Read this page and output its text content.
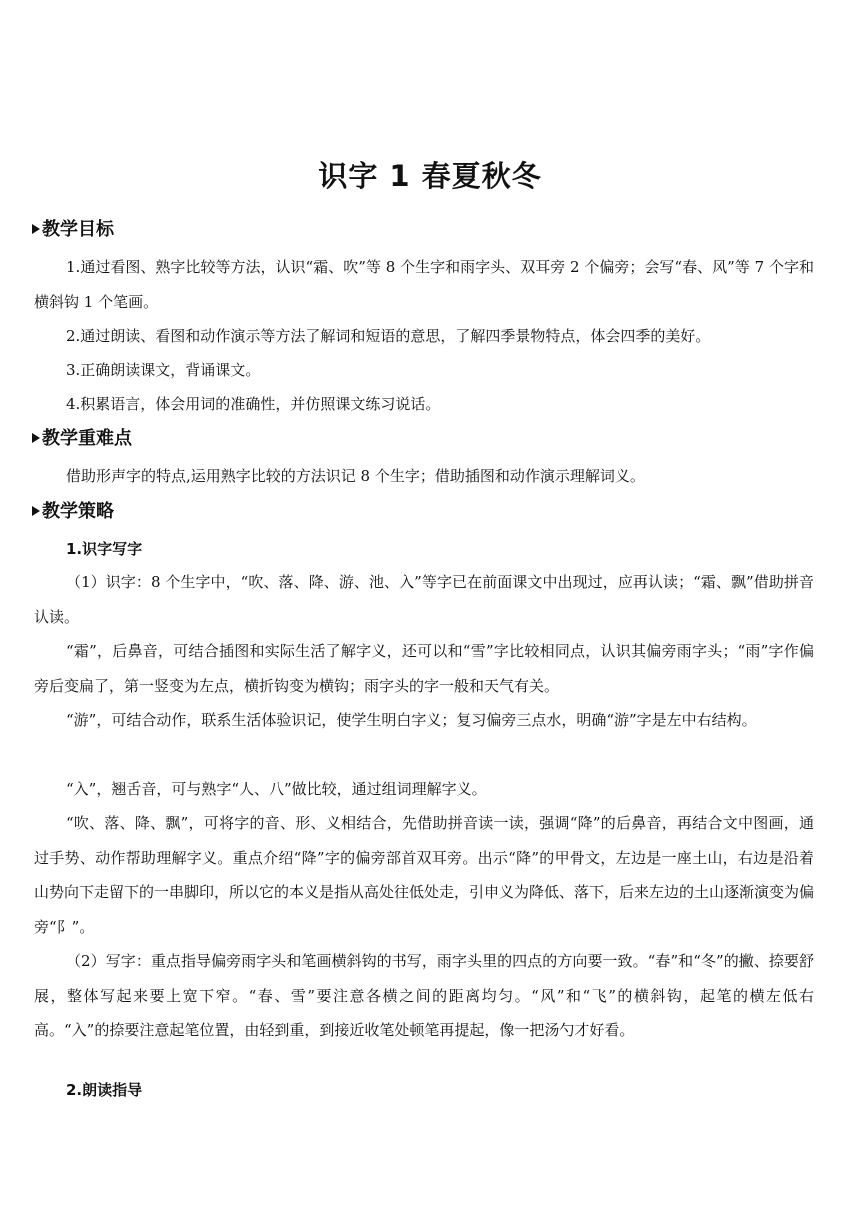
识字 1 春夏秋冬
教学目标
1.通过看图、熟字比较等方法，认识“霜、吹”等 8 个生字和雨字头、双耳旁 2 个偏旁；会写“春、风”等 7 个字和横斜钩 1 个笔画。
2.通过朗读、看图和动作演示等方法了解词和短语的意思，了解四季景物特点，体会四季的美好。
3.正确朗读课文，背诵课文。
4.积累语言，体会用词的准确性，并仿照课文练习说话。
教学重难点
借助形声字的特点,运用熟字比较的方法识记 8 个生字；借助插图和动作演示理解词义。
教学策略
1.识字写字
（1）识字：8 个生字中，“吹、落、降、游、池、入”等字已在前面课文中出现过，应再认读；“霜、飘”借助拼音认读。
“霜”，后鼻音，可结合插图和实际生活了解字义，还可以和“雪”字比较相同点，认识其偏旁雨字头；“雨”字作偏旁后变扁了，第一竖变为左点，横折钩变为横钩；雨字头的字一般和天气有关。
“游”，可结合动作，联系生活体验识记，使学生明白字义；复习偏旁三点水，明确“游”字是左中右结构。
“入”，翘舌音，可与熟字“人、八”做比较，通过组词理解字义。
“吹、落、降、飘”，可将字的音、形、义相结合，先借助拼音读一读，强调“降”的后鼻音，再结合文中图画，通过手势、动作帮助理解字义。重点介绍“降”字的偏旁部首双耳旁。出示“降”的甲骨文，左边是一座土山，右边是沿着山势向下走留下的一串脚印，所以它的本义是指从高处往低处走，引申义为降低、落下，后来左边的土山逐渐演变为偏旁“阝”。
（2）写字：重点指导偏旁雨字头和笔画横斜钩的书写，雨字头里的四点的方向要一致。“春”和“冬”的撇、捺要舒展，整体写起来要上宽下窄。“春、雪”要注意各横之间的距离均匀。“风”和“飞”的横斜钩，起笔的横左低右高。“入”的捺要注意起笔位置，由轻到重，到接近收笔处顿笔再提起，像一把汤勺才好看。
2.朗读指导
